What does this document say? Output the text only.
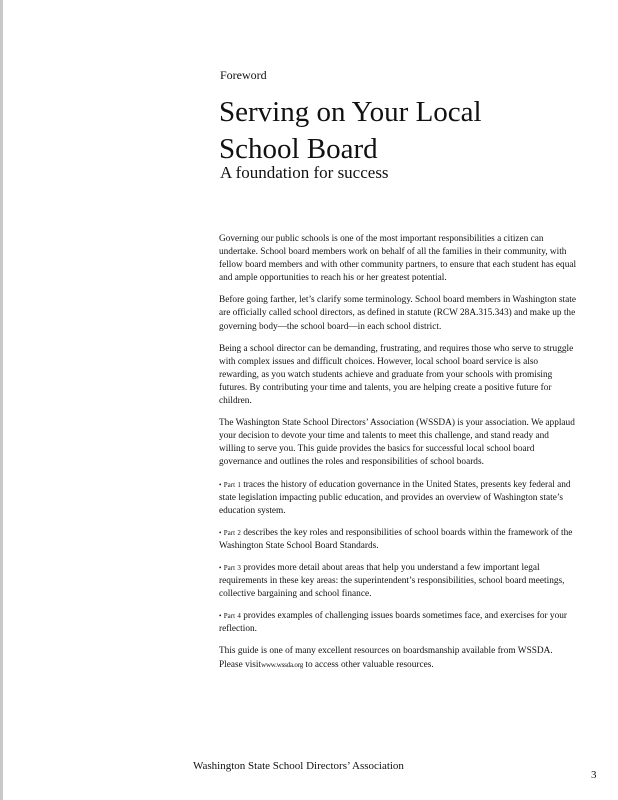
Foreword
Serving on Your Local
School Board
A foundation for success

Governing our public schools is one of the most important responsibilities a citizen can undertake. School board members work on behalf of all the families in their community, with fellow board members and with other community partners, to ensure that each student has equal and ample opportunities to reach his or her greatest potential.

Before going farther, let’s clarify some terminology. School board members in Washington state are officially called school directors, as defined in statute (RCW 28A.315.343) and make up the governing body—the school board—in each school district.

Being a school director can be demanding, frustrating, and requires those who serve to struggle with complex issues and difficult choices. However, local school board service is also rewarding, as you watch students achieve and graduate from your schools with promising futures. By contributing your time and talents, you are helping create a positive future for children.

The Washington State School Directors’ Association (WSSDA) is your association. We applaud your decision to devote your time and talents to meet this challenge, and stand ready and willing to serve you. This guide provides the basics for successful local school board governance and outlines the roles and responsibilities of school boards.

• Part 1 traces the history of education governance in the United States, presents key federal and state legislation impacting public education, and provides an overview of Washington state’s education system.

• Part 2 describes the key roles and responsibilities of school boards within the framework of the Washington State School Board Standards.

• Part 3 provides more detail about areas that help you understand a few important legal requirements in these key areas: the superintendent’s responsibilities, school board meetings, collective bargaining and school finance.

• Part 4 provides examples of challenging issues boards sometimes face, and exercises for your reflection.

This guide is one of many excellent resources on boardsmanship available from WSSDA. Please visitwww.wssda.org to access other valuable resources.

Washington State School Directors’ Association
3
